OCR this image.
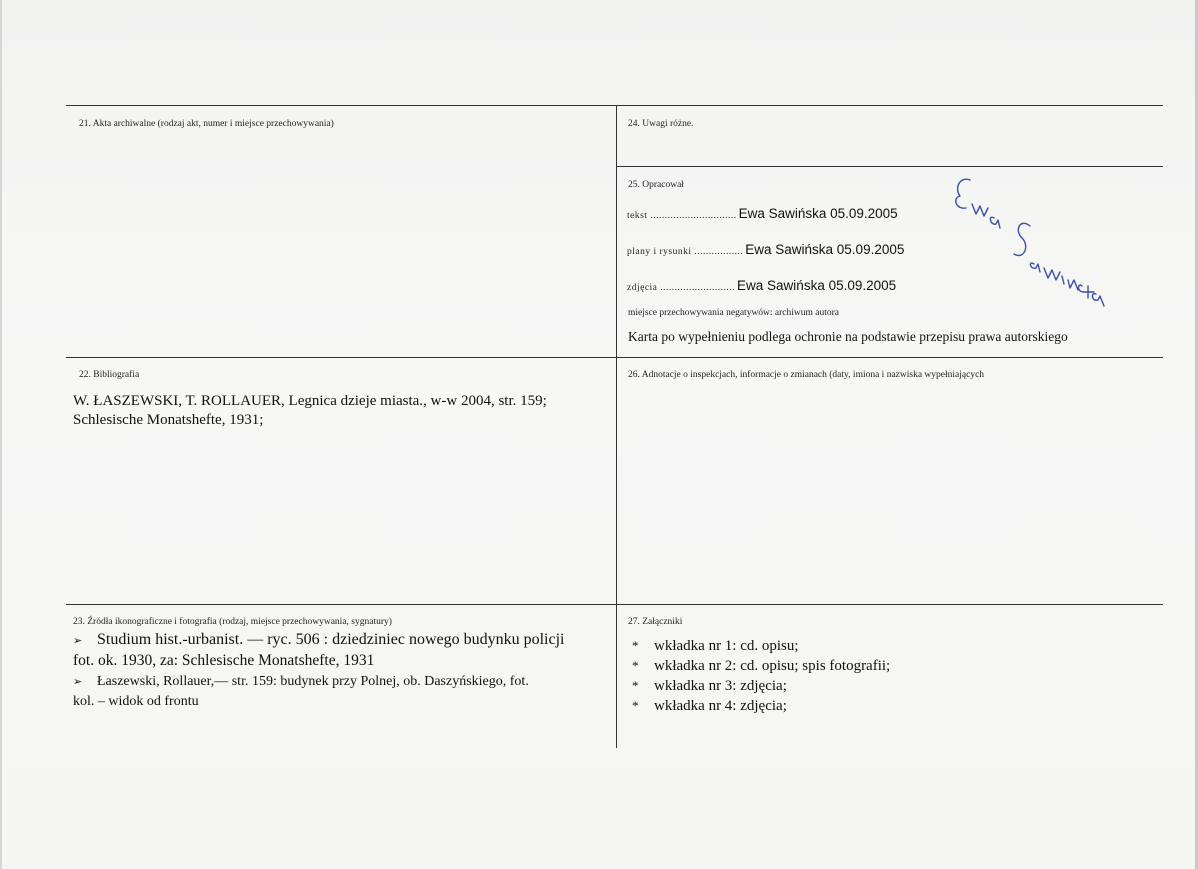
21. Akta archiwalne (rodzaj akt, numer i miejsce przechowywania)	24. Uwagi różne.
25. Opracował
tekst .............................. Ewa Sawińska 05.09.2005
plany i rysunki ................. Ewa Sawińska 05.09.2005
zdjęcia .......................... Ewa Sawińska 05.09.2005
miejsce przechowywania negatywów: archiwum autora
Karta po wypełnieniu podlega ochronie na podstawie przepisu prawa autorskiego
22. Bibliografia
W. ŁASZEWSKI, T. ROLLAUER, Legnica dzieje miasta., w-w 2004, str. 159;
Schlesische Monatshefte, 1931;
26. Adnotacje o inspekcjach, informacje o zmianach (daty, imiona i nazwiska wypełniających
23. Źródła ikonograficzne i fotografia (rodzaj, miejsce przechowywania, sygnatury)
➢ Studium hist.-urbanist. — ryc. 506 : dziedziniec nowego budynku policji
fot. ok. 1930, za: Schlesische Monatshefte, 1931
➢ Łaszewski, Rollauer,— str. 159: budynek przy Polnej, ob. Daszyńskiego, fot.
kol. – widok od frontu
27. Załączniki
* wkładka nr 1: cd. opisu;
* wkładka nr 2: cd. opisu; spis fotografii;
* wkładka nr 3: zdjęcia;
* wkładka nr 4: zdjęcia;
